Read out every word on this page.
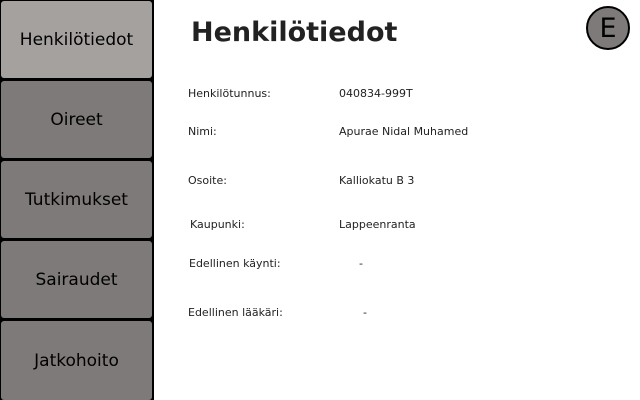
Henkilötiedot
Oireet
Tutkimukset
Sairaudet
Jatkohoito
Henkilötiedot	E
Henkilötunnus:	040834-999T
Nimi:	Apurae Nidal Muhamed
Osoite:	Kalliokatu B 3
Kaupunki:	Lappeenranta
Edellinen käynti:	-
Edellinen lääkäri:	-
